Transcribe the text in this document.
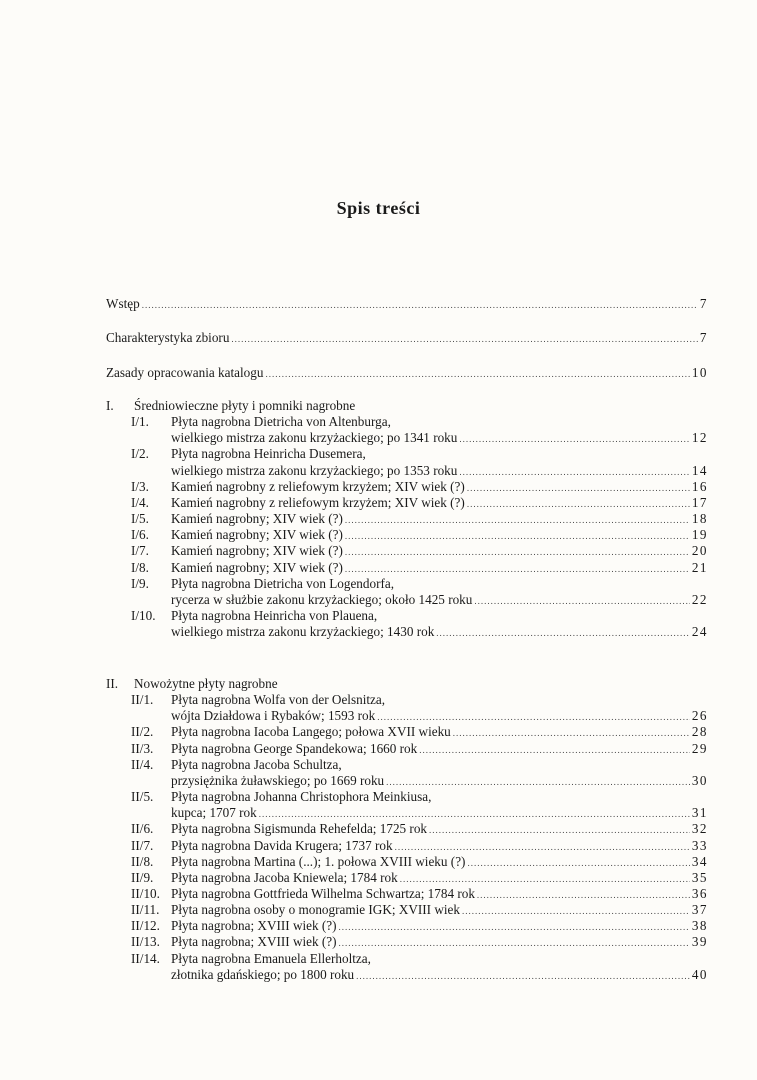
Spis treści
Wstęp .....	7
Charakterystyka zbioru .....	7
Zasady opracowania katalogu .....	10
I.	Średniowieczne płyty i pomniki nagrobne
I/1.	Płyta nagrobna Dietricha von Altenburga,
wielkiego mistrza zakonu krzyżackiego; po 1341 roku .....	12
I/2.	Płyta nagrobna Heinricha Dusemera,
wielkiego mistrza zakonu krzyżackiego; po 1353 roku .....	14
I/3.	Kamień nagrobny z reliefowym krzyżem; XIV wiek (?) .....	16
I/4.	Kamień nagrobny z reliefowym krzyżem; XIV wiek (?) .....	17
I/5.	Kamień nagrobny; XIV wiek (?) .....	18
I/6.	Kamień nagrobny; XIV wiek (?) .....	19
I/7.	Kamień nagrobny; XIV wiek (?) .....	20
I/8.	Kamień nagrobny; XIV wiek (?) .....	21
I/9.	Płyta nagrobna Dietricha von Logendorfa,
rycerza w służbie zakonu krzyżackiego; około 1425 roku .....	22
I/10.	Płyta nagrobna Heinricha von Plauena,
wielkiego mistrza zakonu krzyżackiego; 1430 rok .....	24
II.	Nowożytne płyty nagrobne
II/1.	Płyta nagrobna Wolfa von der Oelsnitza,
wójta Działdowa i Rybaków; 1593 rok .....	26
II/2.	Płyta nagrobna Iacoba Langego; połowa XVII wieku .....	28
II/3.	Płyta nagrobna George Spandekowa; 1660 rok .....	29
II/4.	Płyta nagrobna Jacoba Schultza,
przysiężnika żuławskiego; po 1669 roku .....	30
II/5.	Płyta nagrobna Johanna Christophora Meinkiusa,
kupca; 1707 rok .....	31
II/6.	Płyta nagrobna Sigismunda Rehefelda; 1725 rok .....	32
II/7.	Płyta nagrobna Davida Krugera; 1737 rok .....	33
II/8.	Płyta nagrobna Martina (...); 1. połowa XVIII wieku (?) .....	34
II/9.	Płyta nagrobna Jacoba Kniewela; 1784 rok .....	35
II/10. Płyta nagrobna Gottfrieda Wilhelma Schwartza; 1784 rok .....	36
II/11. Płyta nagrobna osoby o monogramie IGK; XVIII wiek .....	37
II/12. Płyta nagrobna; XVIII wiek (?) .....	38
II/13. Płyta nagrobna; XVIII wiek (?) .....	39
II/14. Płyta nagrobna Emanuela Ellerholtza,
złotnika gdańskiego; po 1800 roku .....	40
